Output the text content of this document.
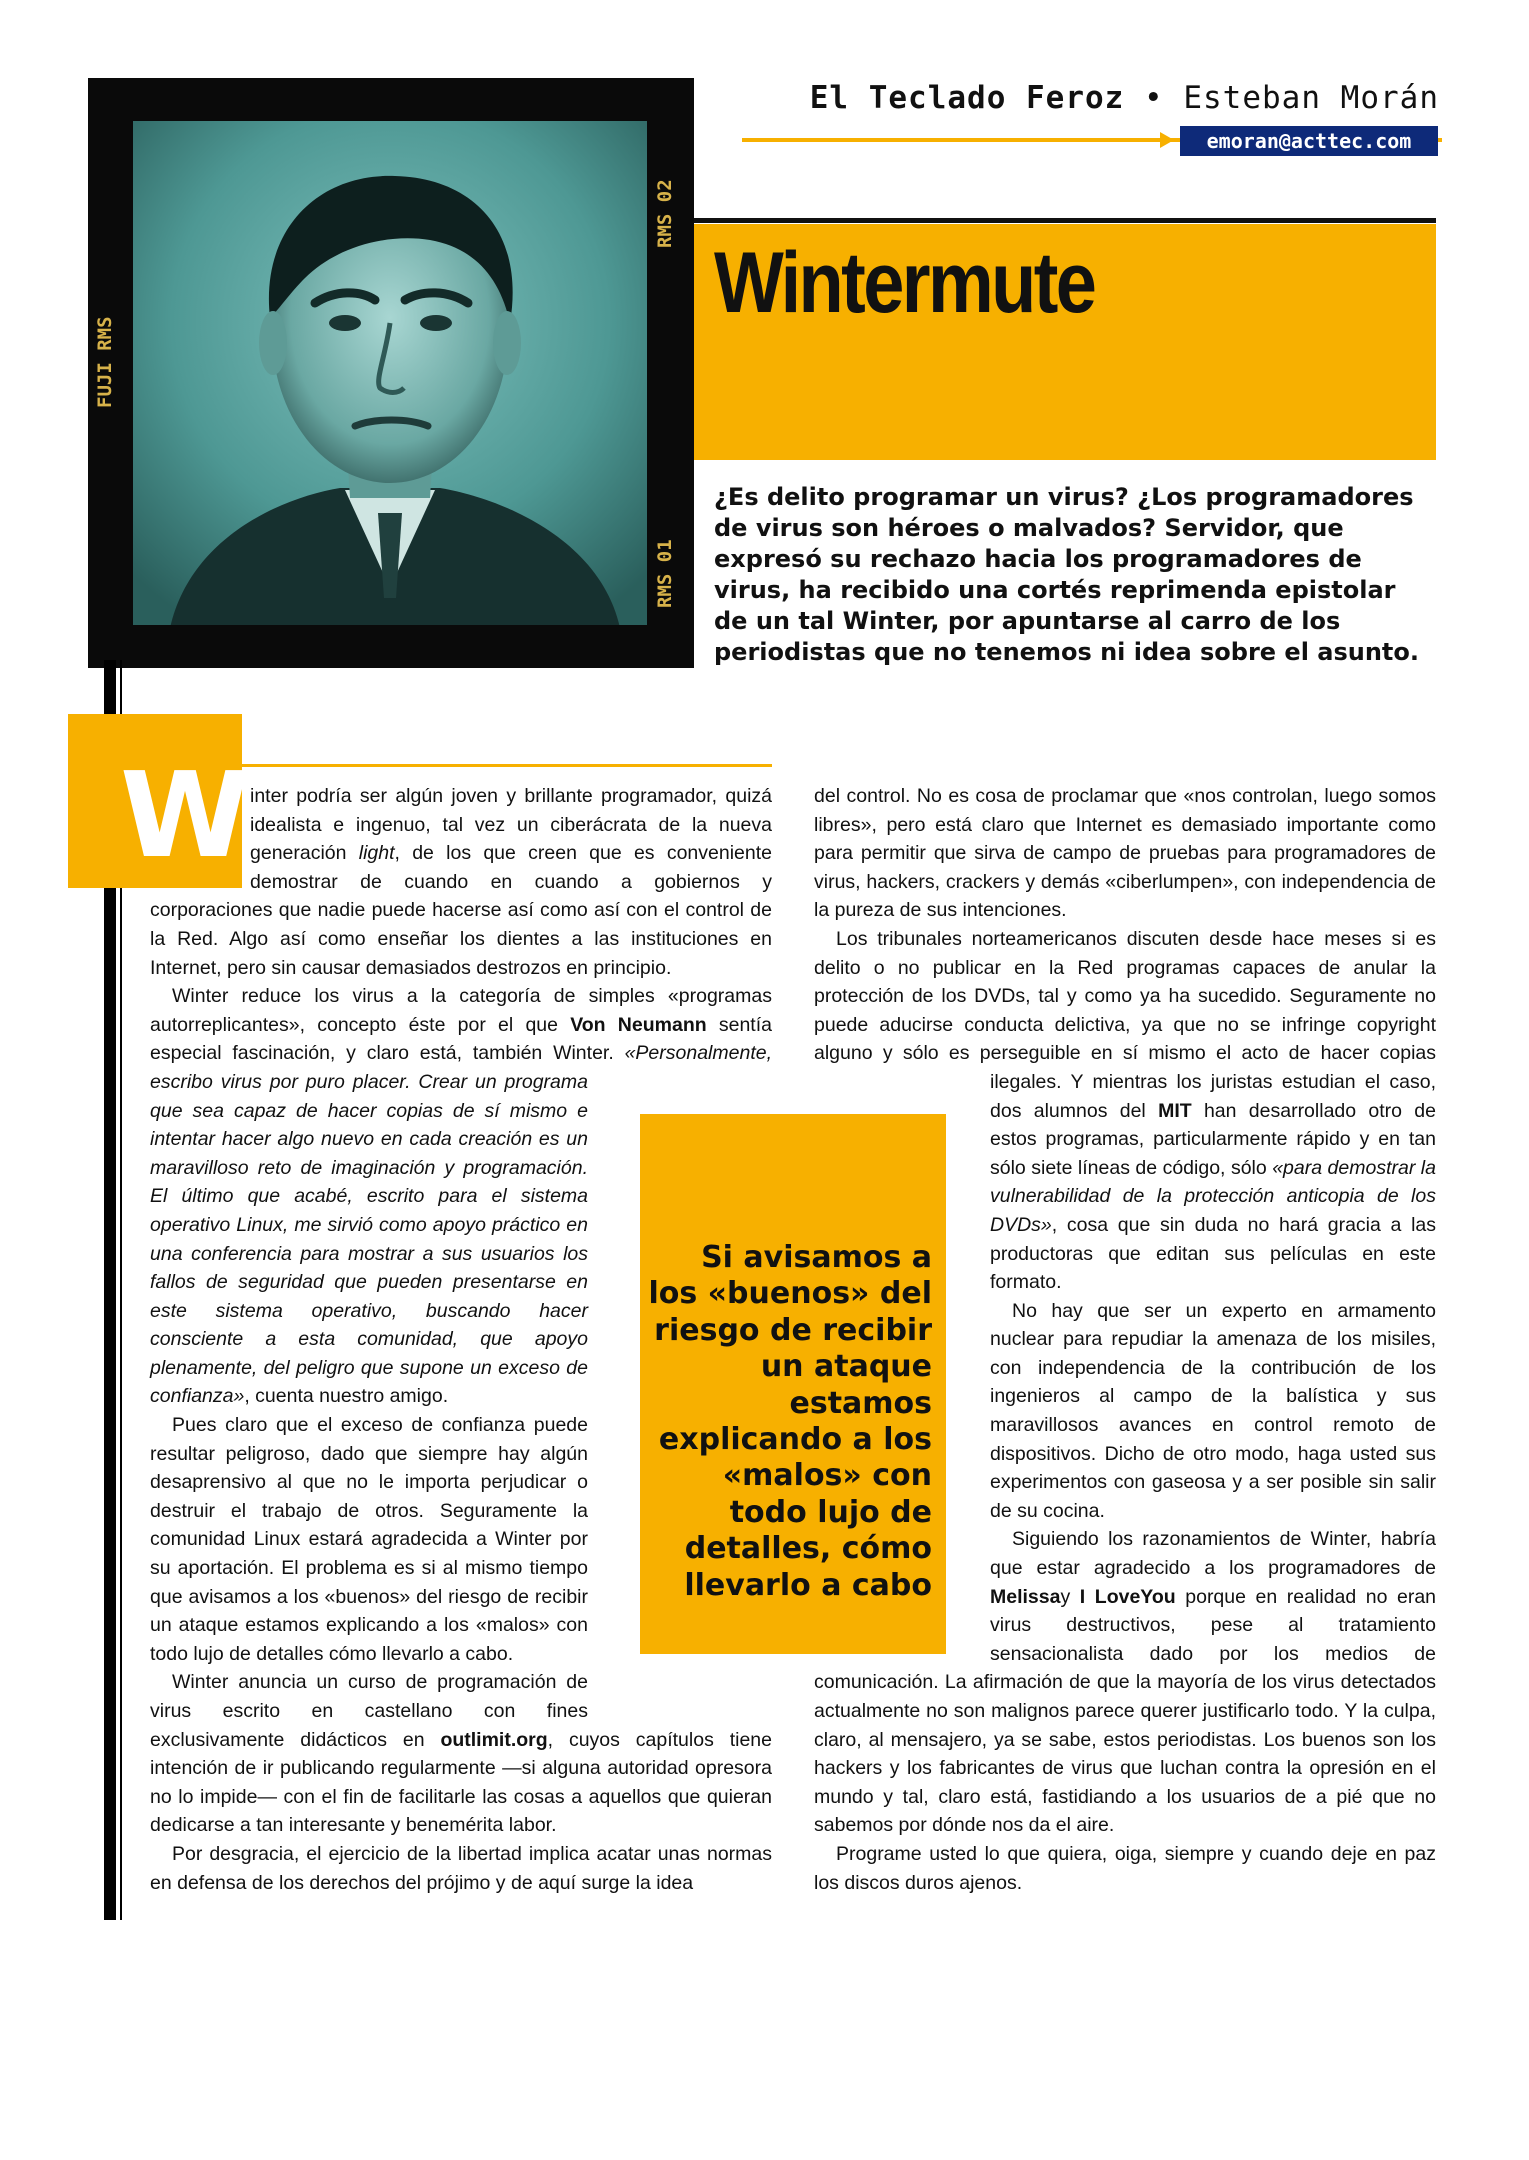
El Teclado Feroz • Esteban Morán
emoran@acttec.com
RMS 02
RMS 01
FUJI RMS
Wintermute

¿Es delito programar un virus? ¿Los programadores de virus son héroes o malvados? Servidor, que expresó su rechazo hacia los programadores de virus, ha recibido una cortés reprimenda epistolar de un tal Winter, por apuntarse al carro de los periodistas que no tenemos ni idea sobre el asunto.

W inter podría ser algún joven y brillante programador, quizá idealista e ingenuo, tal vez un ciberácrata de la nueva generación light, de los que creen que es conveniente demostrar de cuando en cuando a gobiernos y corporaciones que nadie puede hacerse así como así con el control de la Red. Algo así como enseñar los dientes a las instituciones en Internet, pero sin causar demasiados destrozos en principio.

Winter reduce los virus a la categoría de simples «programas autorreplicantes», concepto éste por el que Von Neumann sentía especial fascinación, y claro está, también Winter. «Personalmente, escribo virus por puro placer. Crear un programa que sea capaz de hacer copias de sí mismo e intentar hacer algo nuevo en cada creación es un maravilloso reto de imaginación y programación. El último que acabé, escrito para el sistema operativo Linux, me sirvió como apoyo práctico en una conferencia para mostrar a sus usuarios los fallos de seguridad que pueden presentarse en este sistema operativo, buscando hacer consciente a esta comunidad, que apoyo plenamente, del peligro que supone un exceso de confianza», cuenta nuestro amigo.

Pues claro que el exceso de confianza puede resultar peligroso, dado que siempre hay algún desaprensivo al que no le importa perjudicar o destruir el trabajo de otros. Seguramente la comunidad Linux estará agradecida a Winter por su aportación. El problema es si al mismo tiempo que avisamos a los «buenos» del riesgo de recibir un ataque estamos explicando a los «malos» con todo lujo de detalles cómo llevarlo a cabo.

Winter anuncia un curso de programación de virus escrito en castellano con fines exclusivamente didácticos en outlimit.org, cuyos capítulos tiene intención de ir publicando regularmente —si alguna autoridad opresora no lo impide— con el fin de facilitarle las cosas a aquellos que quieran dedicarse a tan interesante y benemérita labor.

Por desgracia, el ejercicio de la libertad implica acatar unas normas en defensa de los derechos del prójimo y de aquí surge la idea

del control. No es cosa de proclamar que «nos controlan, luego somos libres», pero está claro que Internet es demasiado importante como para permitir que sirva de campo de pruebas para programadores de virus, hackers, crackers y demás «ciberlumpen», con independencia de la pureza de sus intenciones.

Los tribunales norteamericanos discuten desde hace meses si es delito o no publicar en la Red programas capaces de anular la protección de los DVDs, tal y como ya ha sucedido. Seguramente no puede aducirse conducta delictiva, ya que no se infringe copyright alguno y sólo es perseguible en sí mismo el acto de hacer copias ilegales. Y mientras los juristas estudian el caso, dos alumnos del MIT han desarrollado otro de estos programas, particularmente rápido y en tan sólo siete líneas de código, sólo «para demostrar la vulnerabilidad de la protección anticopia de los DVDs», cosa que sin duda no hará gracia a las productoras que editan sus películas en este formato.

No hay que ser un experto en armamento nuclear para repudiar la amenaza de los misiles, con independencia de la contribución de los ingenieros al campo de la balística y sus maravillosos avances en control remoto de dispositivos. Dicho de otro modo, haga usted sus experimentos con gaseosa y a ser posible sin salir de su cocina.

Siguiendo los razonamientos de Winter, habría que estar agradecido a los programadores de Melissay I LoveYou porque en realidad no eran virus destructivos, pese al tratamiento sensacionalista dado por los medios de comunicación. La afirmación de que la mayoría de los virus detectados actualmente no son malignos parece querer justificarlo todo. Y la culpa, claro, al mensajero, ya se sabe, estos periodistas. Los buenos son los hackers y los fabricantes de virus que luchan contra la opresión en el mundo y tal, claro está, fastidiando a los usuarios de a pié que no sabemos por dónde nos da el aire.

Programe usted lo que quiera, oiga, siempre y cuando deje en paz los discos duros ajenos.

Si avisamos a los «buenos» del riesgo de recibir un ataque estamos explicando a los «malos» con todo lujo de detalles, cómo llevarlo a cabo
